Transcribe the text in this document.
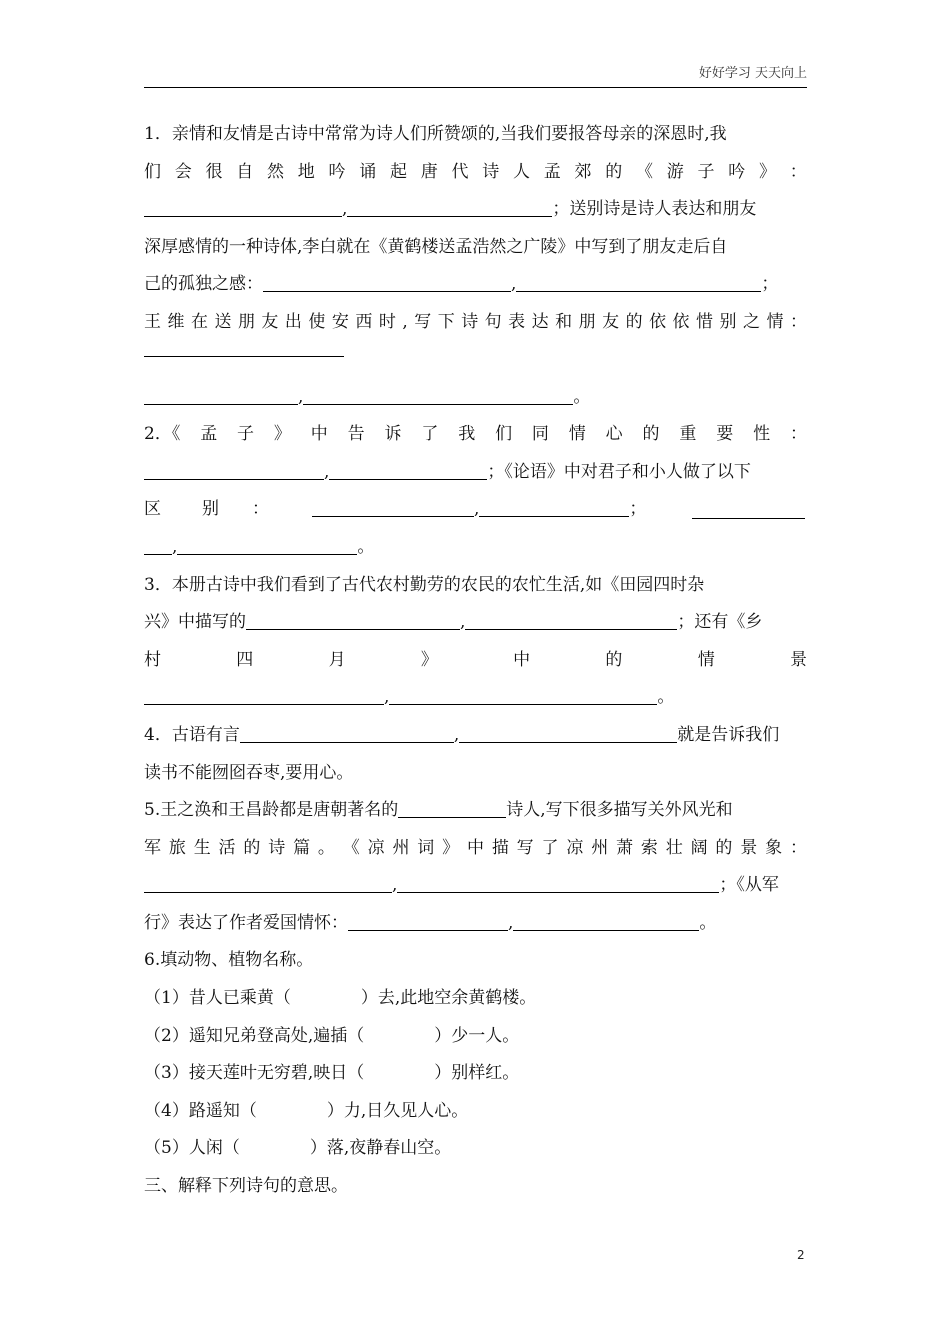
好好学习 天天向上
1．亲情和友情是古诗中常常为诗人们所赞颂的,当我们要报答母亲的深恩时,我
们 会 很 自 然 地 吟 诵 起 唐 代 诗 人 孟 郊 的 《 游 子 吟 》 ：
,	；送别诗是诗人表达和朋友
深厚感情的一种诗体,李白就在《黄鹤楼送孟浩然之广陵》中写到了朋友走后自
己的孤独之感：	,	；
王 维 在 送 朋 友 出 使 安 西 时 , 写 下 诗 句 表 达 和 朋 友 的 依 依 惜 别 之 情 ：
,	。
2．《 孟 子 》 中 告 诉 了 我 们 同 情 心 的 重 要 性 ：
,	；《论语》中对君子和小人做了以下
区 别 ：	,	；
,	。
3．本册古诗中我们看到了古代农村勤劳的农民的农忙生活,如《田园四时杂
兴》中描写的	,	；还有《乡
村	四	月	》	中	的	情	景
,	。
4．古语有言	,	就是告诉我们
读书不能囫囵吞枣,要用心。
5.王之涣和王昌龄都是唐朝著名的	诗人,写下很多描写关外风光和
军 旅 生 活 的 诗 篇 。 《 凉 州 词 》 中 描 写 了 凉 州 萧 索 壮 阔 的 景 象 ：
,	；《从军
行》表达了作者爱国情怀：	,	。
6.填动物、植物名称。
（1）昔人已乘黄（	）去,此地空余黄鹤楼。
（2）遥知兄弟登高处,遍插（	）少一人。
（3）接天莲叶无穷碧,映日（	）别样红。
（4）路遥知（	）力,日久见人心。
（5）人闲（	）落,夜静春山空。
三、解释下列诗句的意思。
2
